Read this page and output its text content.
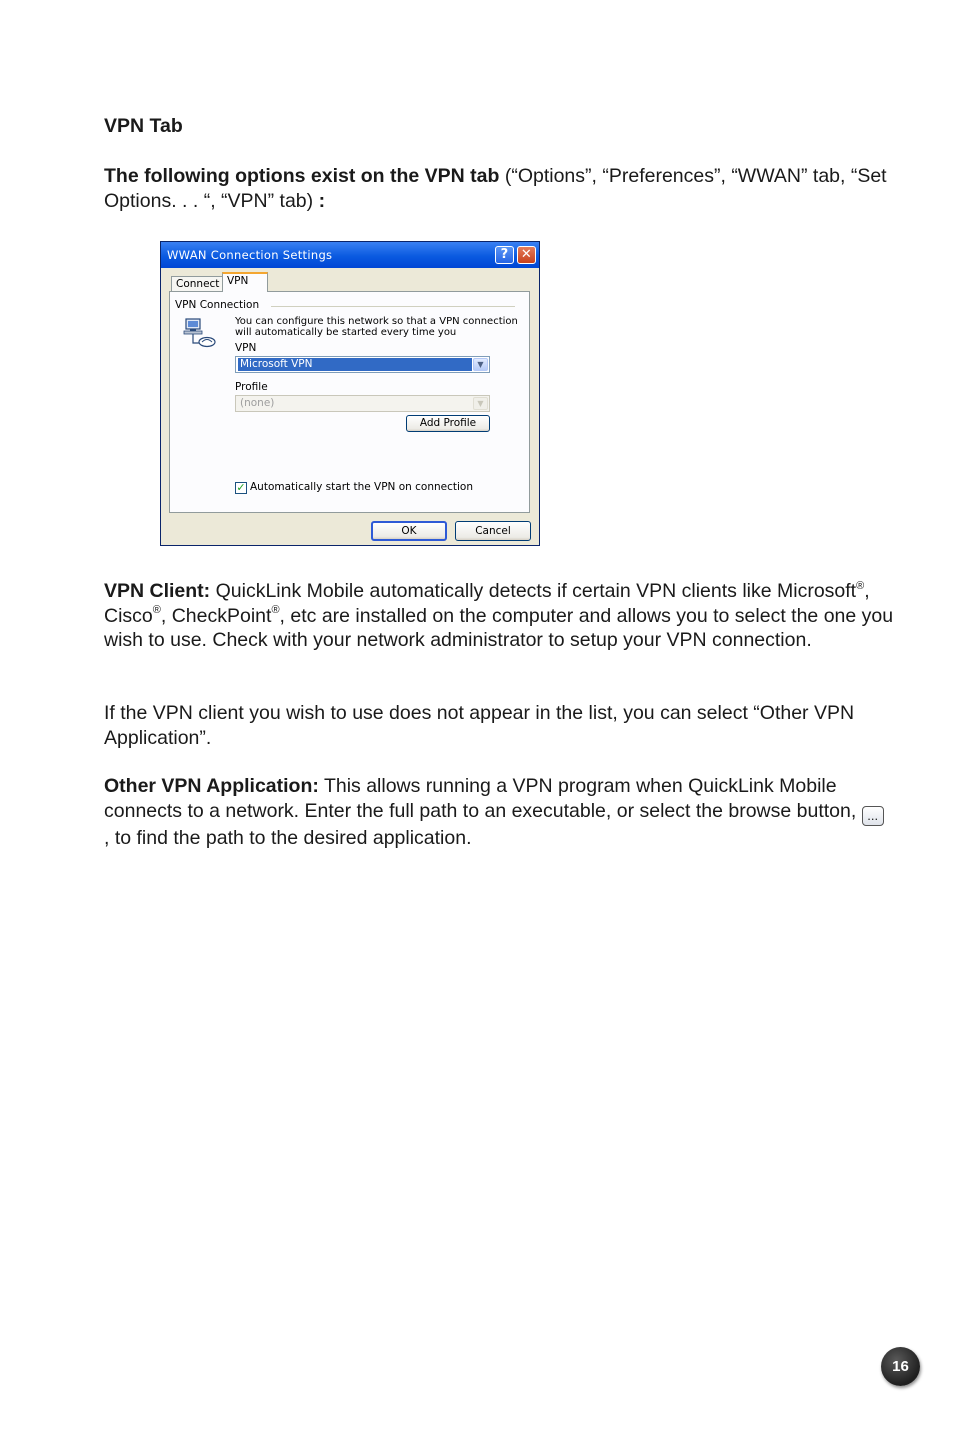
VPN Tab
The following options exist on the VPN tab (“Options”, “Preferences”, “WWAN” tab, “Set Options. . . “, “VPN” tab) :
WWAN Connection Settings	? ✕
Connect VPN
VPN Connection
You can configure this network so that a VPN connection will automatically be started every time you
VPN
Microsoft VPN	▼
Profile
(none)	▼
Add Profile
✓ Automatically start the VPN on connection
OK	Cancel
VPN Client: QuickLink Mobile automatically detects if certain VPN clients like Microsoft®, Cisco®, CheckPoint®, etc are installed on the computer and allows you to select the one you wish to use. Check with your network administrator to setup your VPN connection.
If the VPN client you wish to use does not appear in the list, you can select “Other VPN Application”.
Other VPN Application: This allows running a VPN program when QuickLink Mobile connects to a network. Enter the full path to an executable, or select the browse button, ... , to find the path to the desired application.
16
